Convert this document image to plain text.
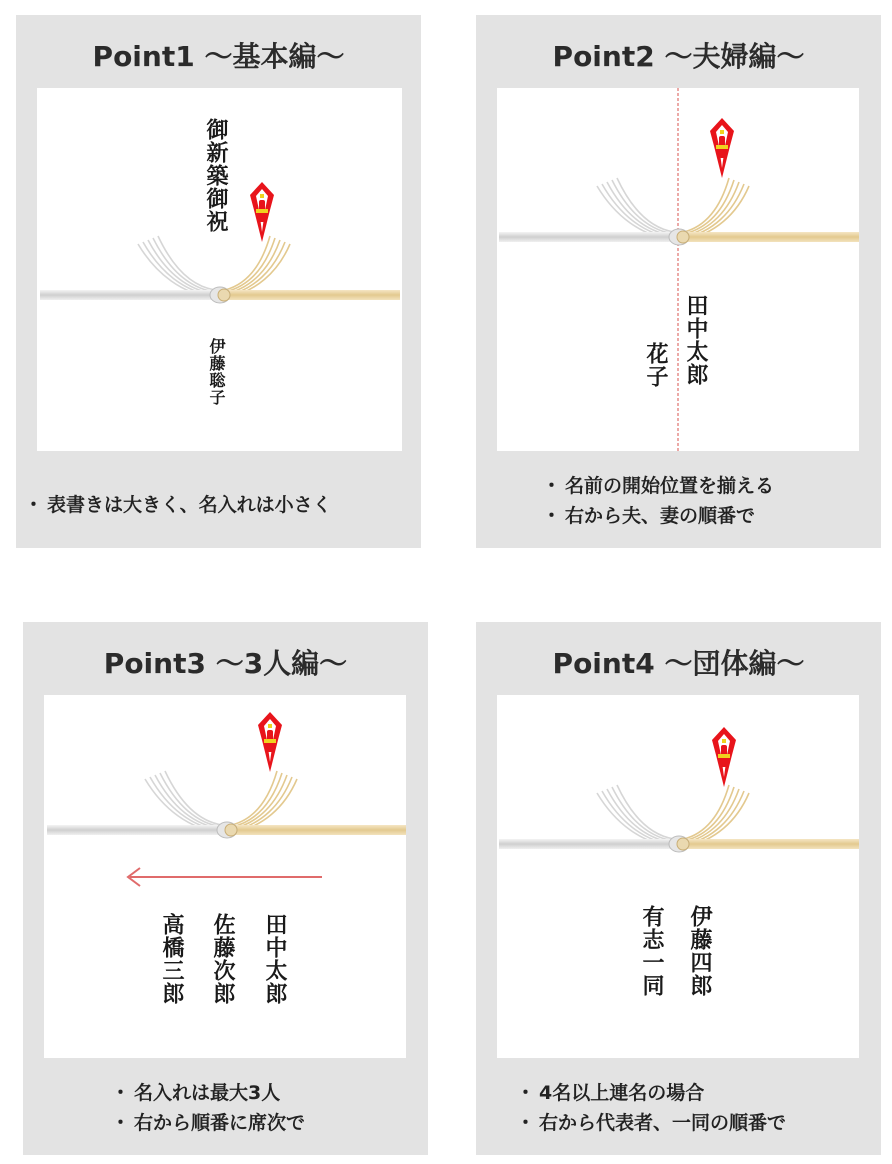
Point1 〜基本編〜
御新築御祝
伊藤聡子
・ 表書きは大きく、名入れは小さく
Point2 〜夫婦編〜
田中太郎
花子
・ 名前の開始位置を揃える
・ 右から夫、妻の順番で
Point3 〜3人編〜
田中太郎
佐藤次郎
高橋三郎
・ 名入れは最大3人
・ 右から順番に席次で
Point4 〜団体編〜
伊藤四郎
有志一同
・ 4名以上連名の場合
・ 右から代表者、一同の順番で
